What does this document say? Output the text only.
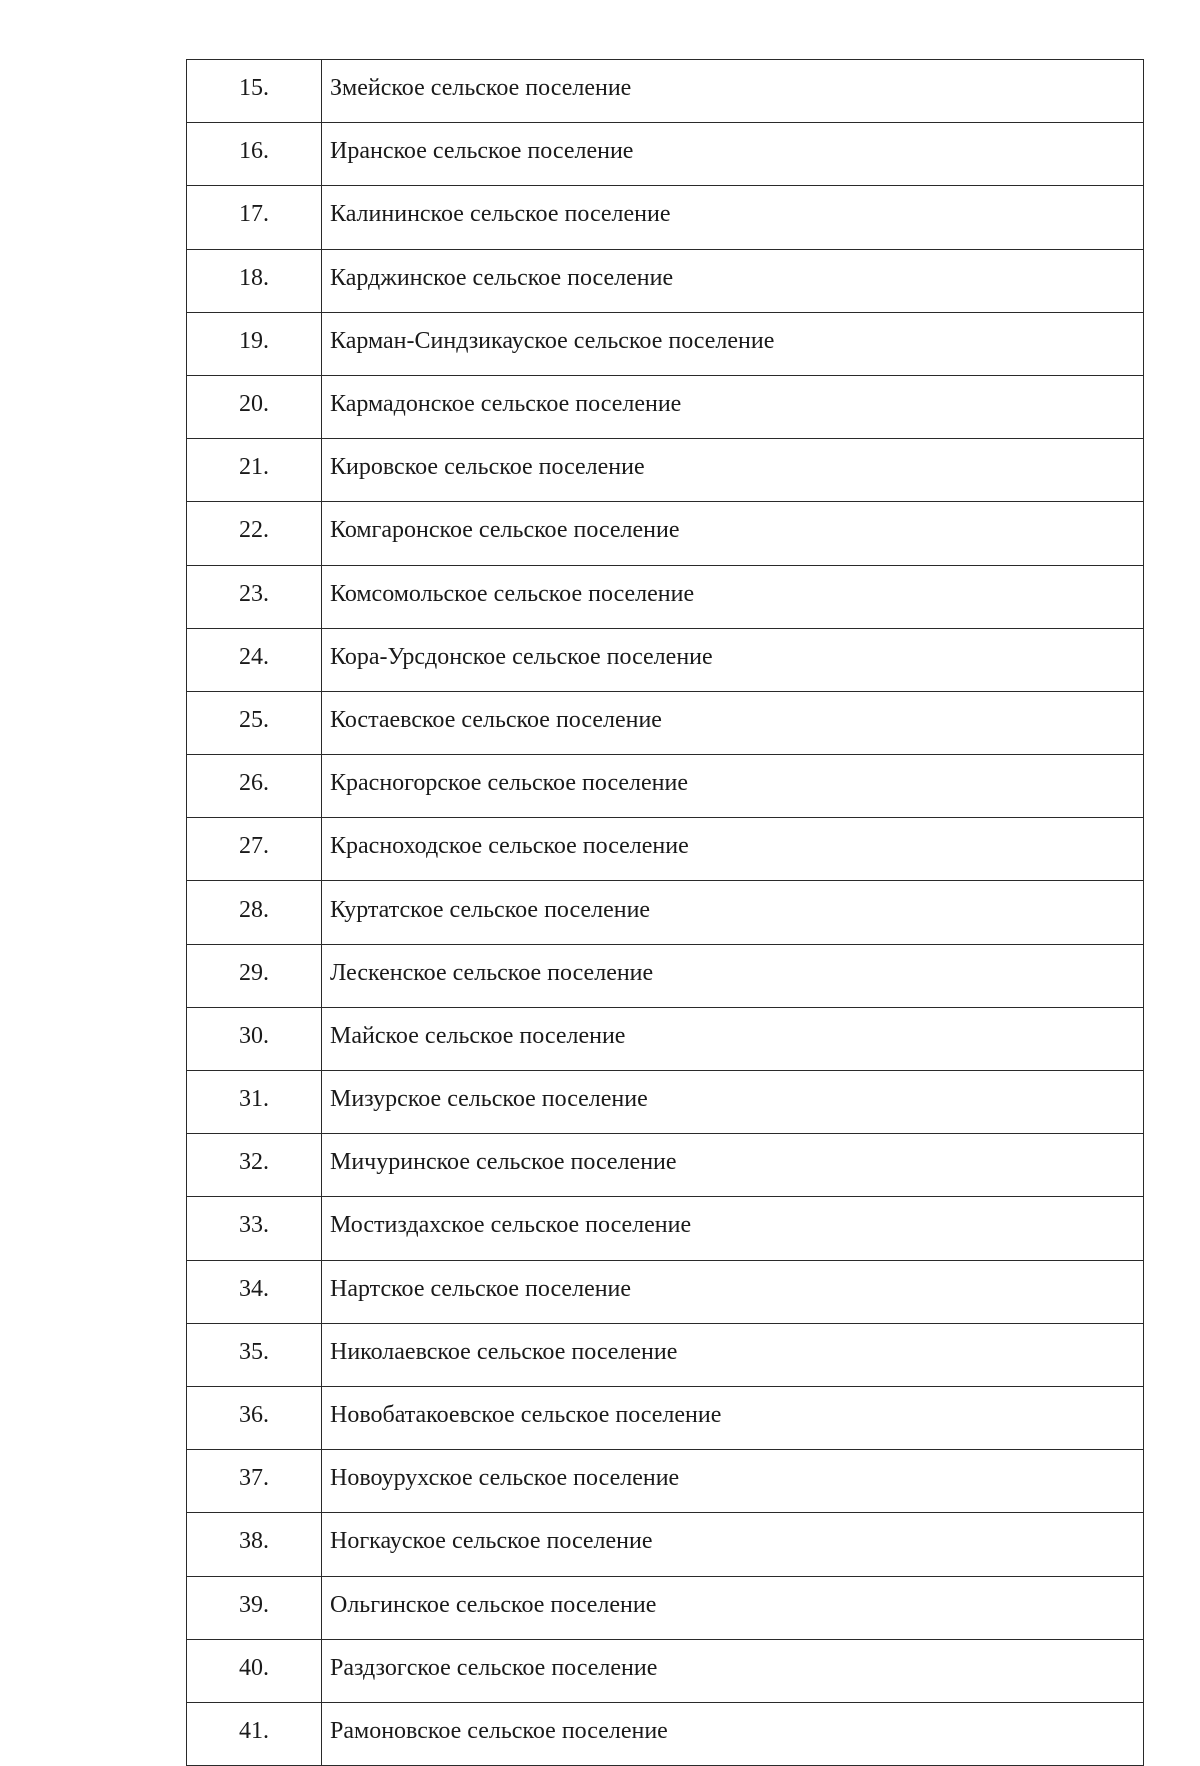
15.	Змейское сельское поселение
16.	Иранское сельское поселение
17.	Калининское сельское поселение
18.	Карджинское сельское поселение
19.	Карман-Синдзикауское сельское поселение
20.	Кармадонское сельское поселение
21.	Кировское сельское поселение
22.	Комгаронское сельское поселение
23.	Комсомольское сельское поселение
24.	Кора-Урсдонское сельское поселение
25.	Костаевское сельское поселение
26.	Красногорское сельское поселение
27.	Красноходское сельское поселение
28.	Куртатское сельское поселение
29.	Лескенское сельское поселение
30.	Майское сельское поселение
31.	Мизурское сельское поселение
32.	Мичуринское сельское поселение
33.	Мостиздахское сельское поселение
34.	Нартское сельское поселение
35.	Николаевское сельское поселение
36.	Новобатакоевское сельское поселение
37.	Новоурухское сельское поселение
38.	Ногкауское сельское поселение
39.	Ольгинское сельское поселение
40.	Раздзогское сельское поселение
41.	Рамоновское сельское поселение
